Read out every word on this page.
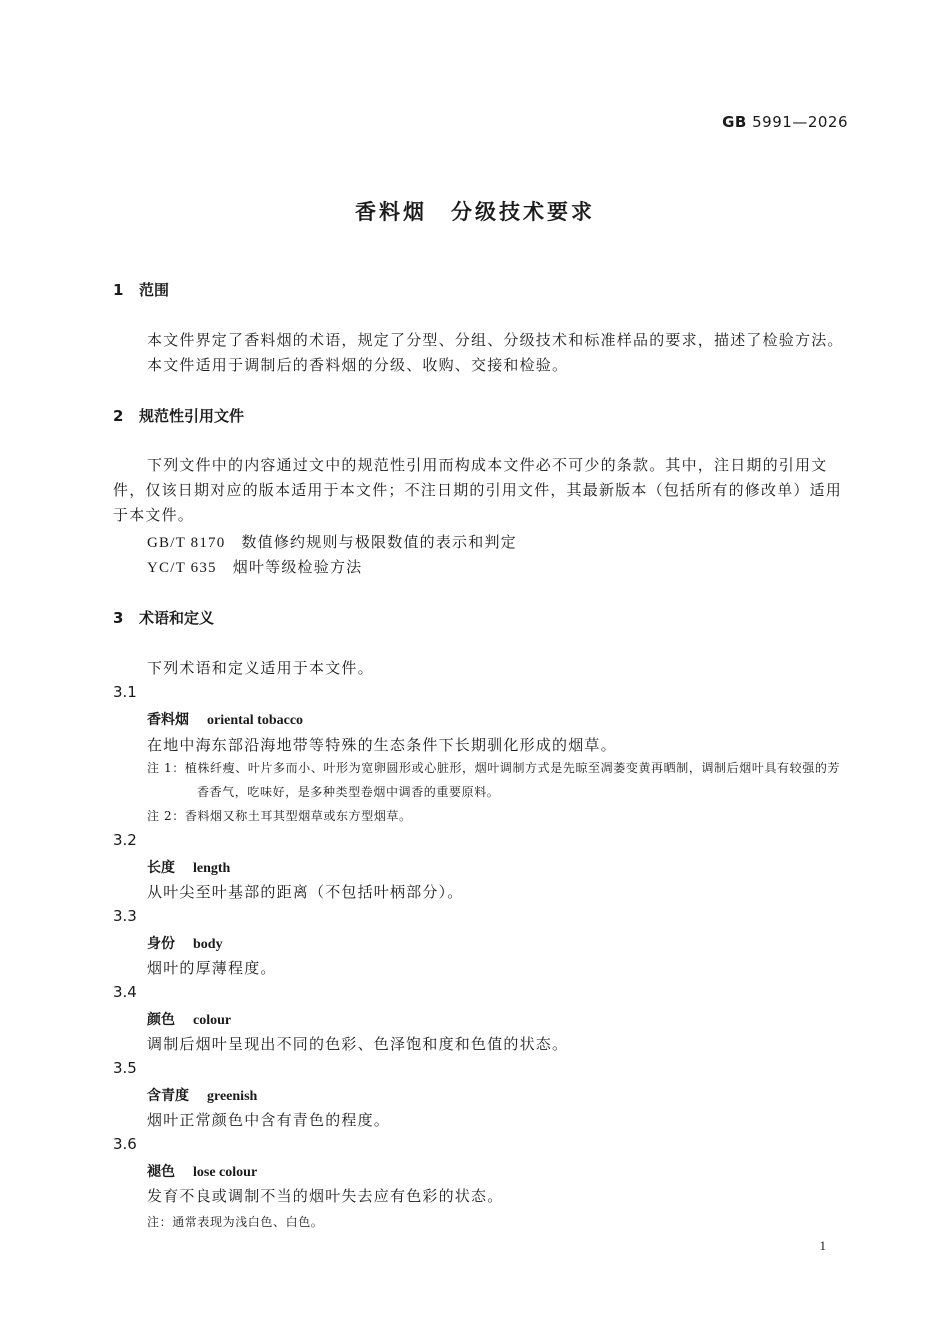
GB 5991—2026
香料烟　分级技术要求
1 范围
本文件界定了香料烟的术语，规定了分型、分组、分级技术和标准样品的要求，描述了检验方法。
本文件适用于调制后的香料烟的分级、收购、交接和检验。
2 规范性引用文件
下列文件中的内容通过文中的规范性引用而构成本文件必不可少的条款。其中，注日期的引用文件，仅该日期对应的版本适用于本文件；不注日期的引用文件，其最新版本（包括所有的修改单）适用于本文件。
GB/T 8170 数值修约规则与极限数值的表示和判定
YC/T 635 烟叶等级检验方法
3 术语和定义
下列术语和定义适用于本文件。
3.1
香料烟 oriental tobacco
在地中海东部沿海地带等特殊的生态条件下长期驯化形成的烟草。
注 1：植株纤瘦、叶片多而小、叶形为宽卵圆形或心脏形，烟叶调制方式是先晾至凋萎变黄再晒制，调制后烟叶具有较强的芳香香气，吃味好，是多种类型卷烟中调香的重要原料。
注 2：香料烟又称土耳其型烟草或东方型烟草。
3.2
长度 length
从叶尖至叶基部的距离（不包括叶柄部分）。
3.3
身份 body
烟叶的厚薄程度。
3.4
颜色 colour
调制后烟叶呈现出不同的色彩、色泽饱和度和色值的状态。
3.5
含青度 greenish
烟叶正常颜色中含有青色的程度。
3.6
褪色 lose colour
发育不良或调制不当的烟叶失去应有色彩的状态。
注：通常表现为浅白色、白色。
1
